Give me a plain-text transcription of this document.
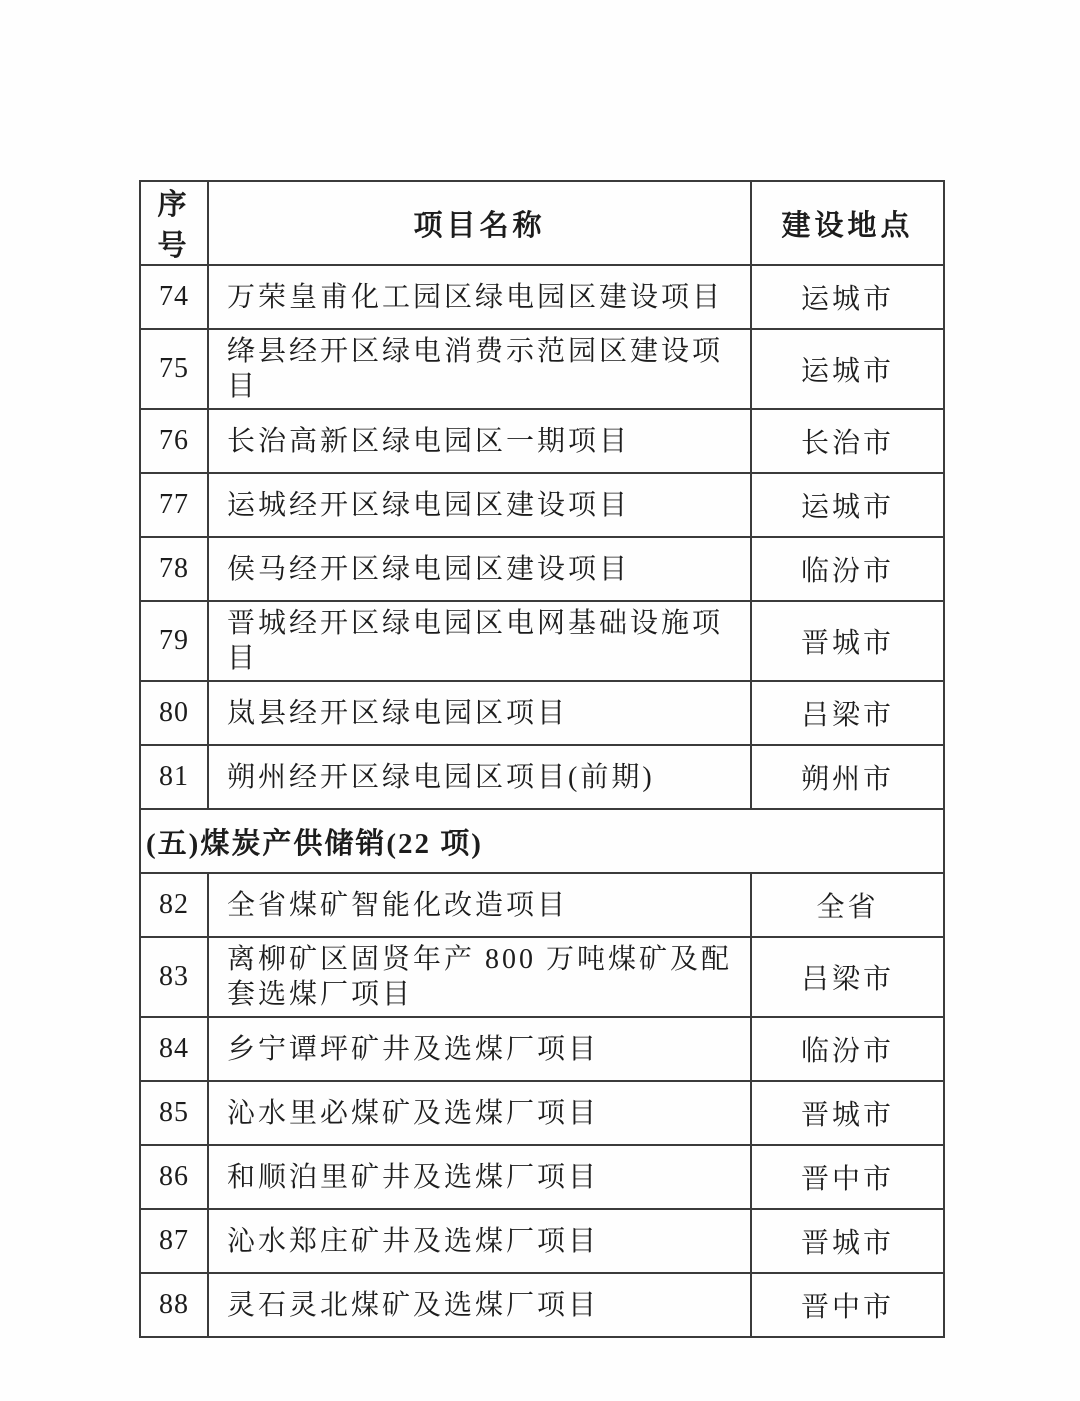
序号	项目名称	建设地点
74	万荣皇甫化工园区绿电园区建设项目	运城市
75	绛县经开区绿电消费示范园区建设项目	运城市
76	长治高新区绿电园区一期项目	长治市
77	运城经开区绿电园区建设项目	运城市
78	侯马经开区绿电园区建设项目	临汾市
79	晋城经开区绿电园区电网基础设施项目	晋城市
80	岚县经开区绿电园区项目	吕梁市
81	朔州经开区绿电园区项目(前期)	朔州市
(五)煤炭产供储销(22 项)		
82	全省煤矿智能化改造项目	全省
83	离柳矿区固贤年产 800 万吨煤矿及配套选煤厂项目	吕梁市
84	乡宁谭坪矿井及选煤厂项目	临汾市
85	沁水里必煤矿及选煤厂项目	晋城市
86	和顺泊里矿井及选煤厂项目	晋中市
87	沁水郑庄矿井及选煤厂项目	晋城市
88	灵石灵北煤矿及选煤厂项目	晋中市
